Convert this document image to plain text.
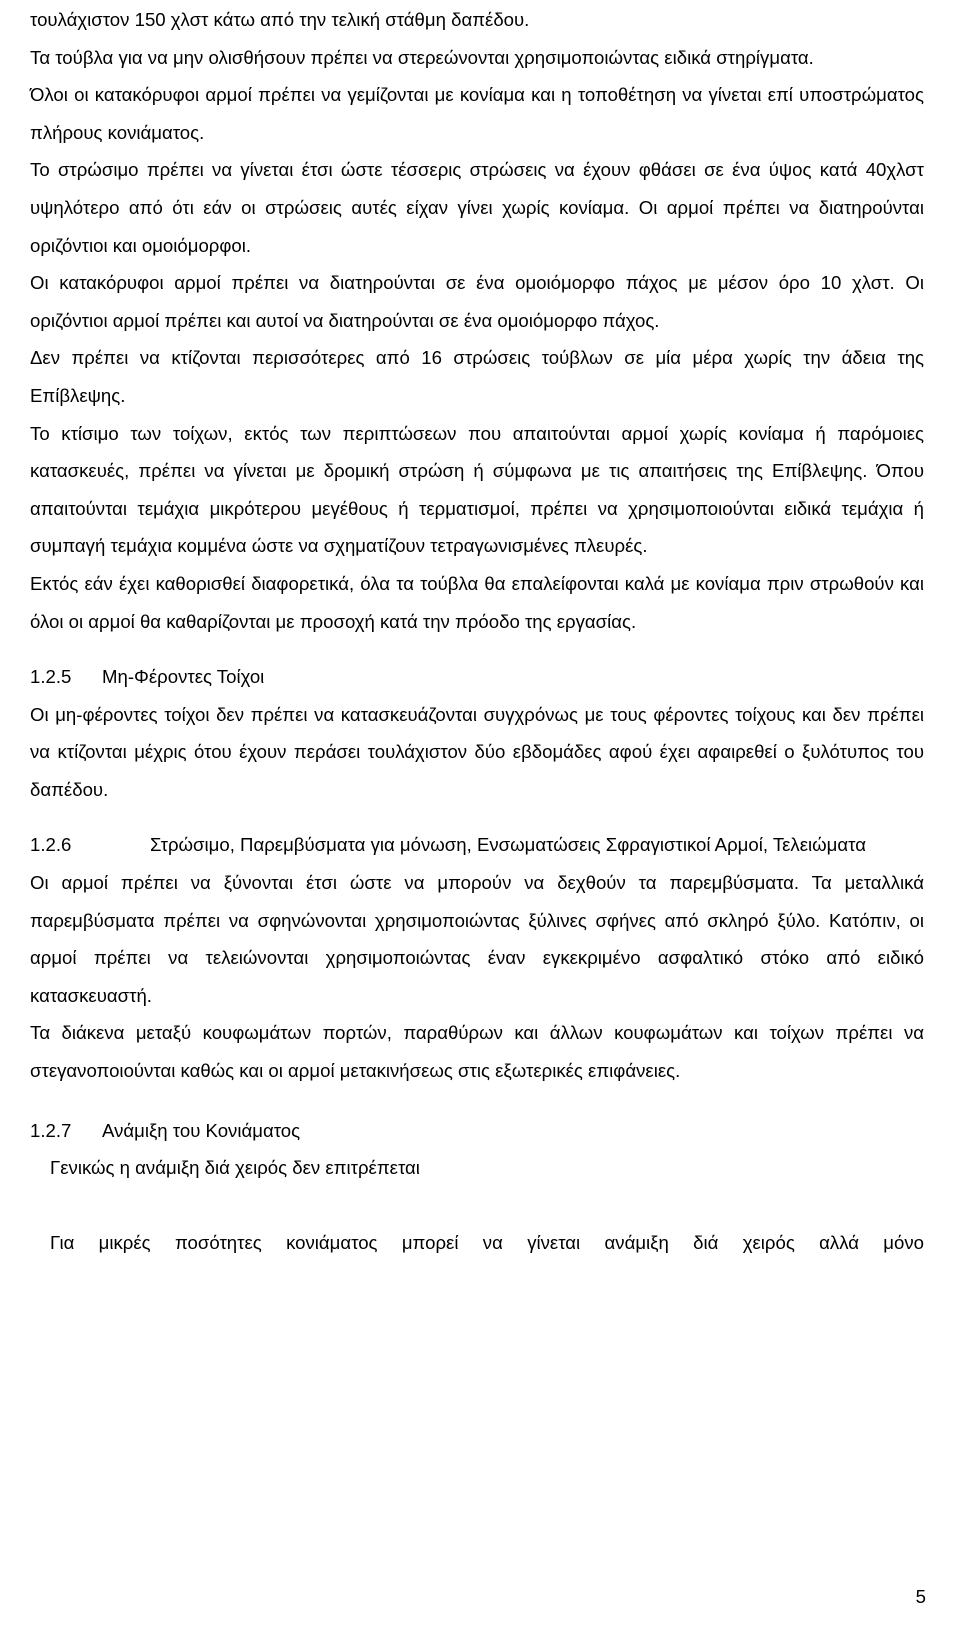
τουλάχιστον 150 χλστ κάτω από την τελική στάθμη δαπέδου.

Τα τούβλα για να μην ολισθήσουν πρέπει να στερεώνονται χρησιμοποιώντας ειδικά στηρίγματα.

Όλοι οι κατακόρυφοι αρμοί πρέπει να γεμίζονται με κονίαμα και η τοποθέτηση να γίνεται επί υποστρώματος πλήρους κονιάματος.

Το στρώσιμο πρέπει να γίνεται έτσι ώστε τέσσερις στρώσεις να έχουν φθάσει σε ένα ύψος κατά 40χλστ υψηλότερο από ότι εάν οι στρώσεις αυτές είχαν γίνει χωρίς κονίαμα. Οι αρμοί πρέπει να διατηρούνται οριζόντιοι και ομοιόμορφοι.

Οι κατακόρυφοι αρμοί πρέπει να διατηρούνται σε ένα ομοιόμορφο πάχος με μέσον όρο 10 χλστ. Οι οριζόντιοι αρμοί πρέπει και αυτοί να διατηρούνται σε ένα ομοιόμορφο πάχος.

Δεν πρέπει να κτίζονται περισσότερες από 16 στρώσεις τούβλων σε μία μέρα χωρίς την άδεια της Επίβλεψης.

Το κτίσιμο των τοίχων, εκτός των περιπτώσεων που απαιτούνται αρμοί χωρίς κονίαμα ή παρόμοιες κατασκευές, πρέπει να γίνεται με δρομική στρώση ή σύμφωνα με τις απαιτήσεις της Επίβλεψης. Όπου απαιτούνται τεμάχια μικρότερου μεγέθους ή τερματισμοί, πρέπει να χρησιμοποιούνται ειδικά τεμάχια ή συμπαγή τεμάχια κομμένα ώστε να σχηματίζουν τετραγωνισμένες πλευρές.

Εκτός εάν έχει καθορισθεί διαφορετικά, όλα τα τούβλα θα επαλείφονται καλά με κονίαμα πριν στρωθούν και όλοι οι αρμοί θα καθαρίζονται με προσοχή κατά την πρόοδο της εργασίας.

1.2.5 Μη-Φέροντες Τοίχοι

Οι μη-φέροντες τοίχοι δεν πρέπει να κατασκευάζονται συγχρόνως με τους φέροντες τοίχους και δεν πρέπει να κτίζονται μέχρις ότου έχουν περάσει τουλάχιστον δύο εβδομάδες αφού έχει αφαιρεθεί ο ξυλότυπος του δαπέδου.

1.2.6	Στρώσιμο, Παρεμβύσματα για μόνωση, Ενσωματώσεις Σφραγιστικοί Αρμοί, Τελειώματα

Οι αρμοί πρέπει να ξύνονται έτσι ώστε να μπορούν να δεχθούν τα παρεμβύσματα. Τα μεταλλικά παρεμβύσματα πρέπει να σφηνώνονται χρησιμοποιώντας ξύλινες σφήνες από σκληρό ξύλο. Κατόπιν, οι αρμοί πρέπει να τελειώνονται χρησιμοποιώντας έναν εγκεκριμένο ασφαλτικό στόκο από ειδικό κατασκευαστή.

Τα διάκενα μεταξύ κουφωμάτων πορτών, παραθύρων και άλλων κουφωμάτων και τοίχων πρέπει να στεγανοποιούνται καθώς και οι αρμοί μετακινήσεως στις εξωτερικές επιφάνειες.

1.2.7 Ανάμιξη του Κονιάματος

Γενικώς η ανάμιξη διά χειρός δεν επιτρέπεται

Για μικρές ποσότητες κονιάματος μπορεί να γίνεται ανάμιξη διά χειρός αλλά μόνο

5
